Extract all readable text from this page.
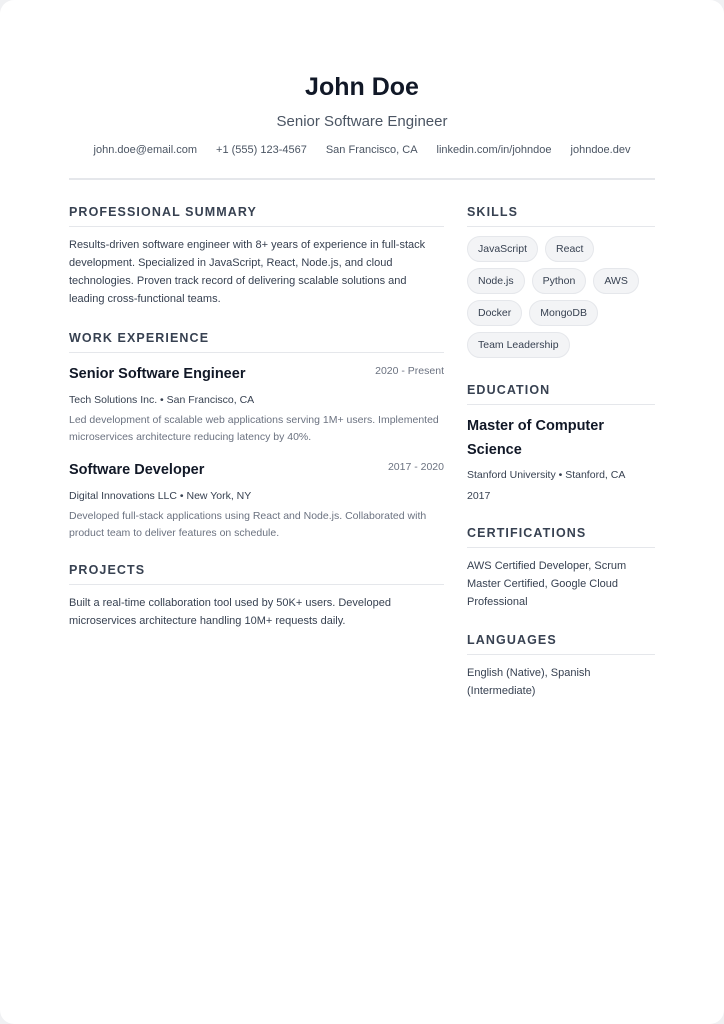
John Doe
Senior Software Engineer
john.doe@email.com +1 (555) 123-4567 San Francisco, CA linkedin.com/in/johndoe johndoe.dev
PROFESSIONAL SUMMARY
Results-driven software engineer with 8+ years of experience in full-stack development. Specialized in JavaScript, React, Node.js, and cloud technologies. Proven track record of delivering scalable solutions and leading cross-functional teams.
WORK EXPERIENCE
Senior Software Engineer	2020 - Present
Tech Solutions Inc. • San Francisco, CA
Led development of scalable web applications serving 1M+ users. Implemented microservices architecture reducing latency by 40%.
Software Developer	2017 - 2020
Digital Innovations LLC • New York, NY
Developed full-stack applications using React and Node.js. Collaborated with product team to deliver features on schedule.
PROJECTS
Built a real-time collaboration tool used by 50K+ users. Developed microservices architecture handling 10M+ requests daily.
SKILLS
JavaScript	React
Node.js	Python	AWS
Docker	MongoDB
Team Leadership
EDUCATION
Master of Computer Science
Stanford University • Stanford, CA
2017
CERTIFICATIONS
AWS Certified Developer, Scrum Master Certified, Google Cloud Professional
LANGUAGES
English (Native), Spanish (Intermediate)
